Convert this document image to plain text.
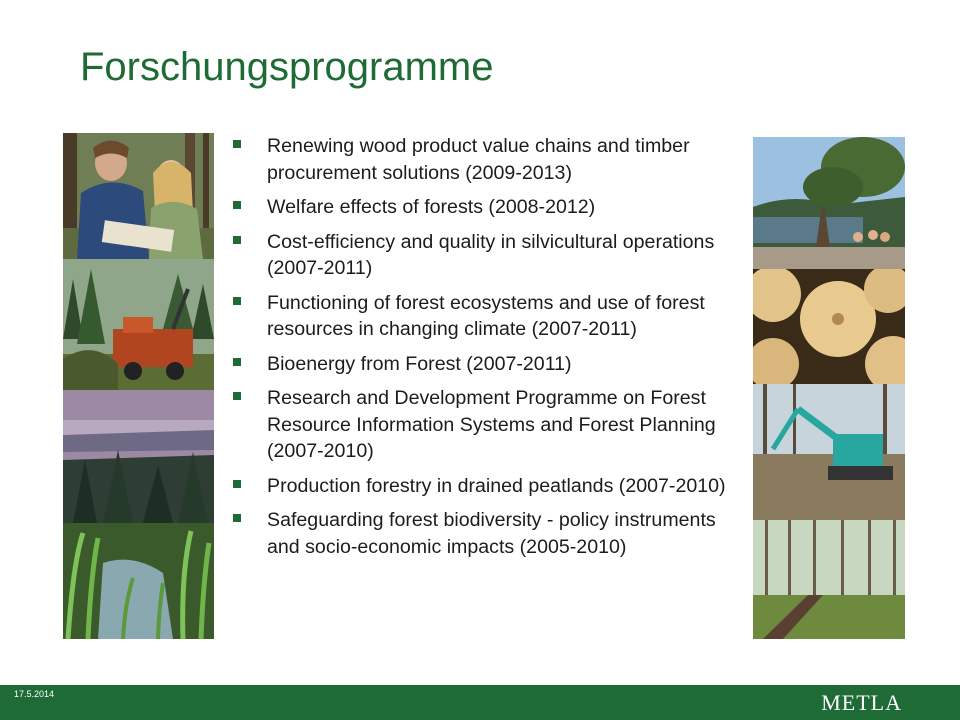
Forschungsprogramme
Renewing wood product value chains and timber procurement solutions (2009-2013)
Welfare effects of forests (2008-2012)
Cost-efficiency and quality in silvicultural operations (2007-2011)
Functioning of forest ecosystems and use of forest resources in changing climate (2007-2011)
Bioenergy from Forest (2007-2011)
Research and Development Programme on Forest Resource Information Systems and Forest Planning (2007-2010)
Production forestry in drained peatlands (2007-2010)
Safeguarding forest biodiversity - policy instruments and socio-economic impacts (2005-2010)
17.5.2014	METLA
